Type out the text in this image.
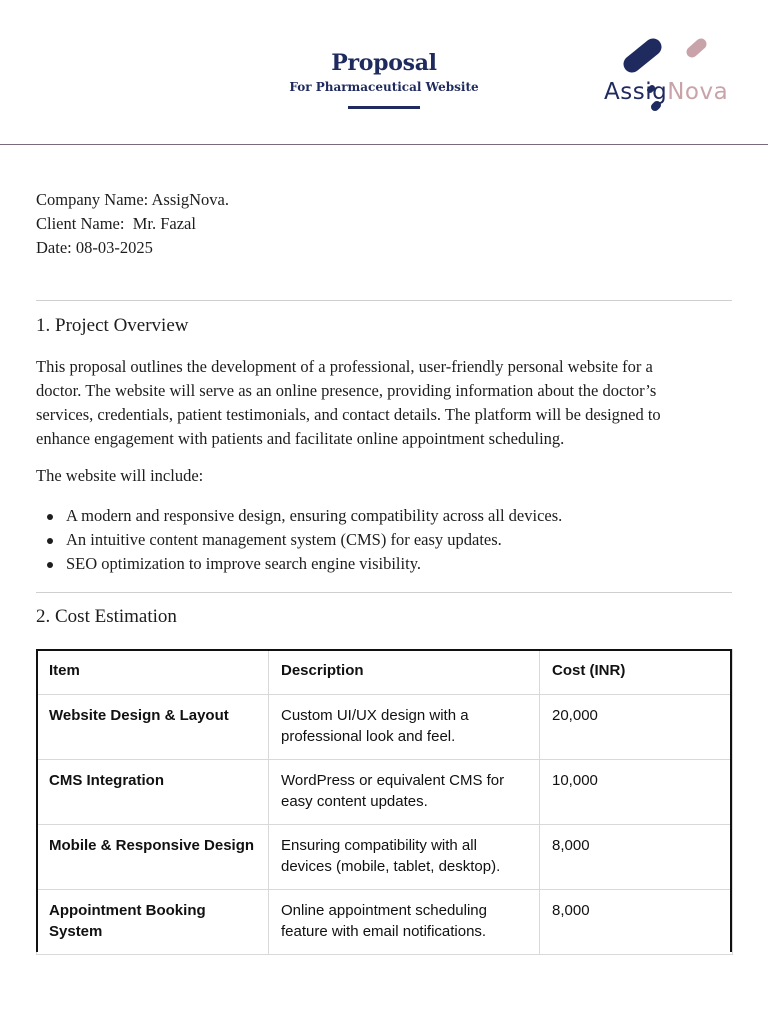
Proposal
For Pharmaceutical Website	AssigNova
Company Name: AssigNova.
Client Name:  Mr. Fazal
Date: 08-03-2025
1. Project Overview
This proposal outlines the development of a professional, user-friendly personal website for a
doctor. The website will serve as an online presence, providing information about the doctor’s
services, credentials, patient testimonials, and contact details. The platform will be designed to
enhance engagement with patients and facilitate online appointment scheduling.
The website will include:
A modern and responsive design, ensuring compatibility across all devices.
An intuitive content management system (CMS) for easy updates.
SEO optimization to improve search engine visibility.
2. Cost Estimation
Item	Description	Cost (INR)
Website Design & Layout	Custom UI/UX design with a professional look and feel.	20,000
CMS Integration	WordPress or equivalent CMS for easy content updates.	10,000
Mobile & Responsive Design	Ensuring compatibility with all devices (mobile, tablet, desktop).	8,000
Appointment Booking System	Online appointment scheduling feature with email notifications.	8,000
